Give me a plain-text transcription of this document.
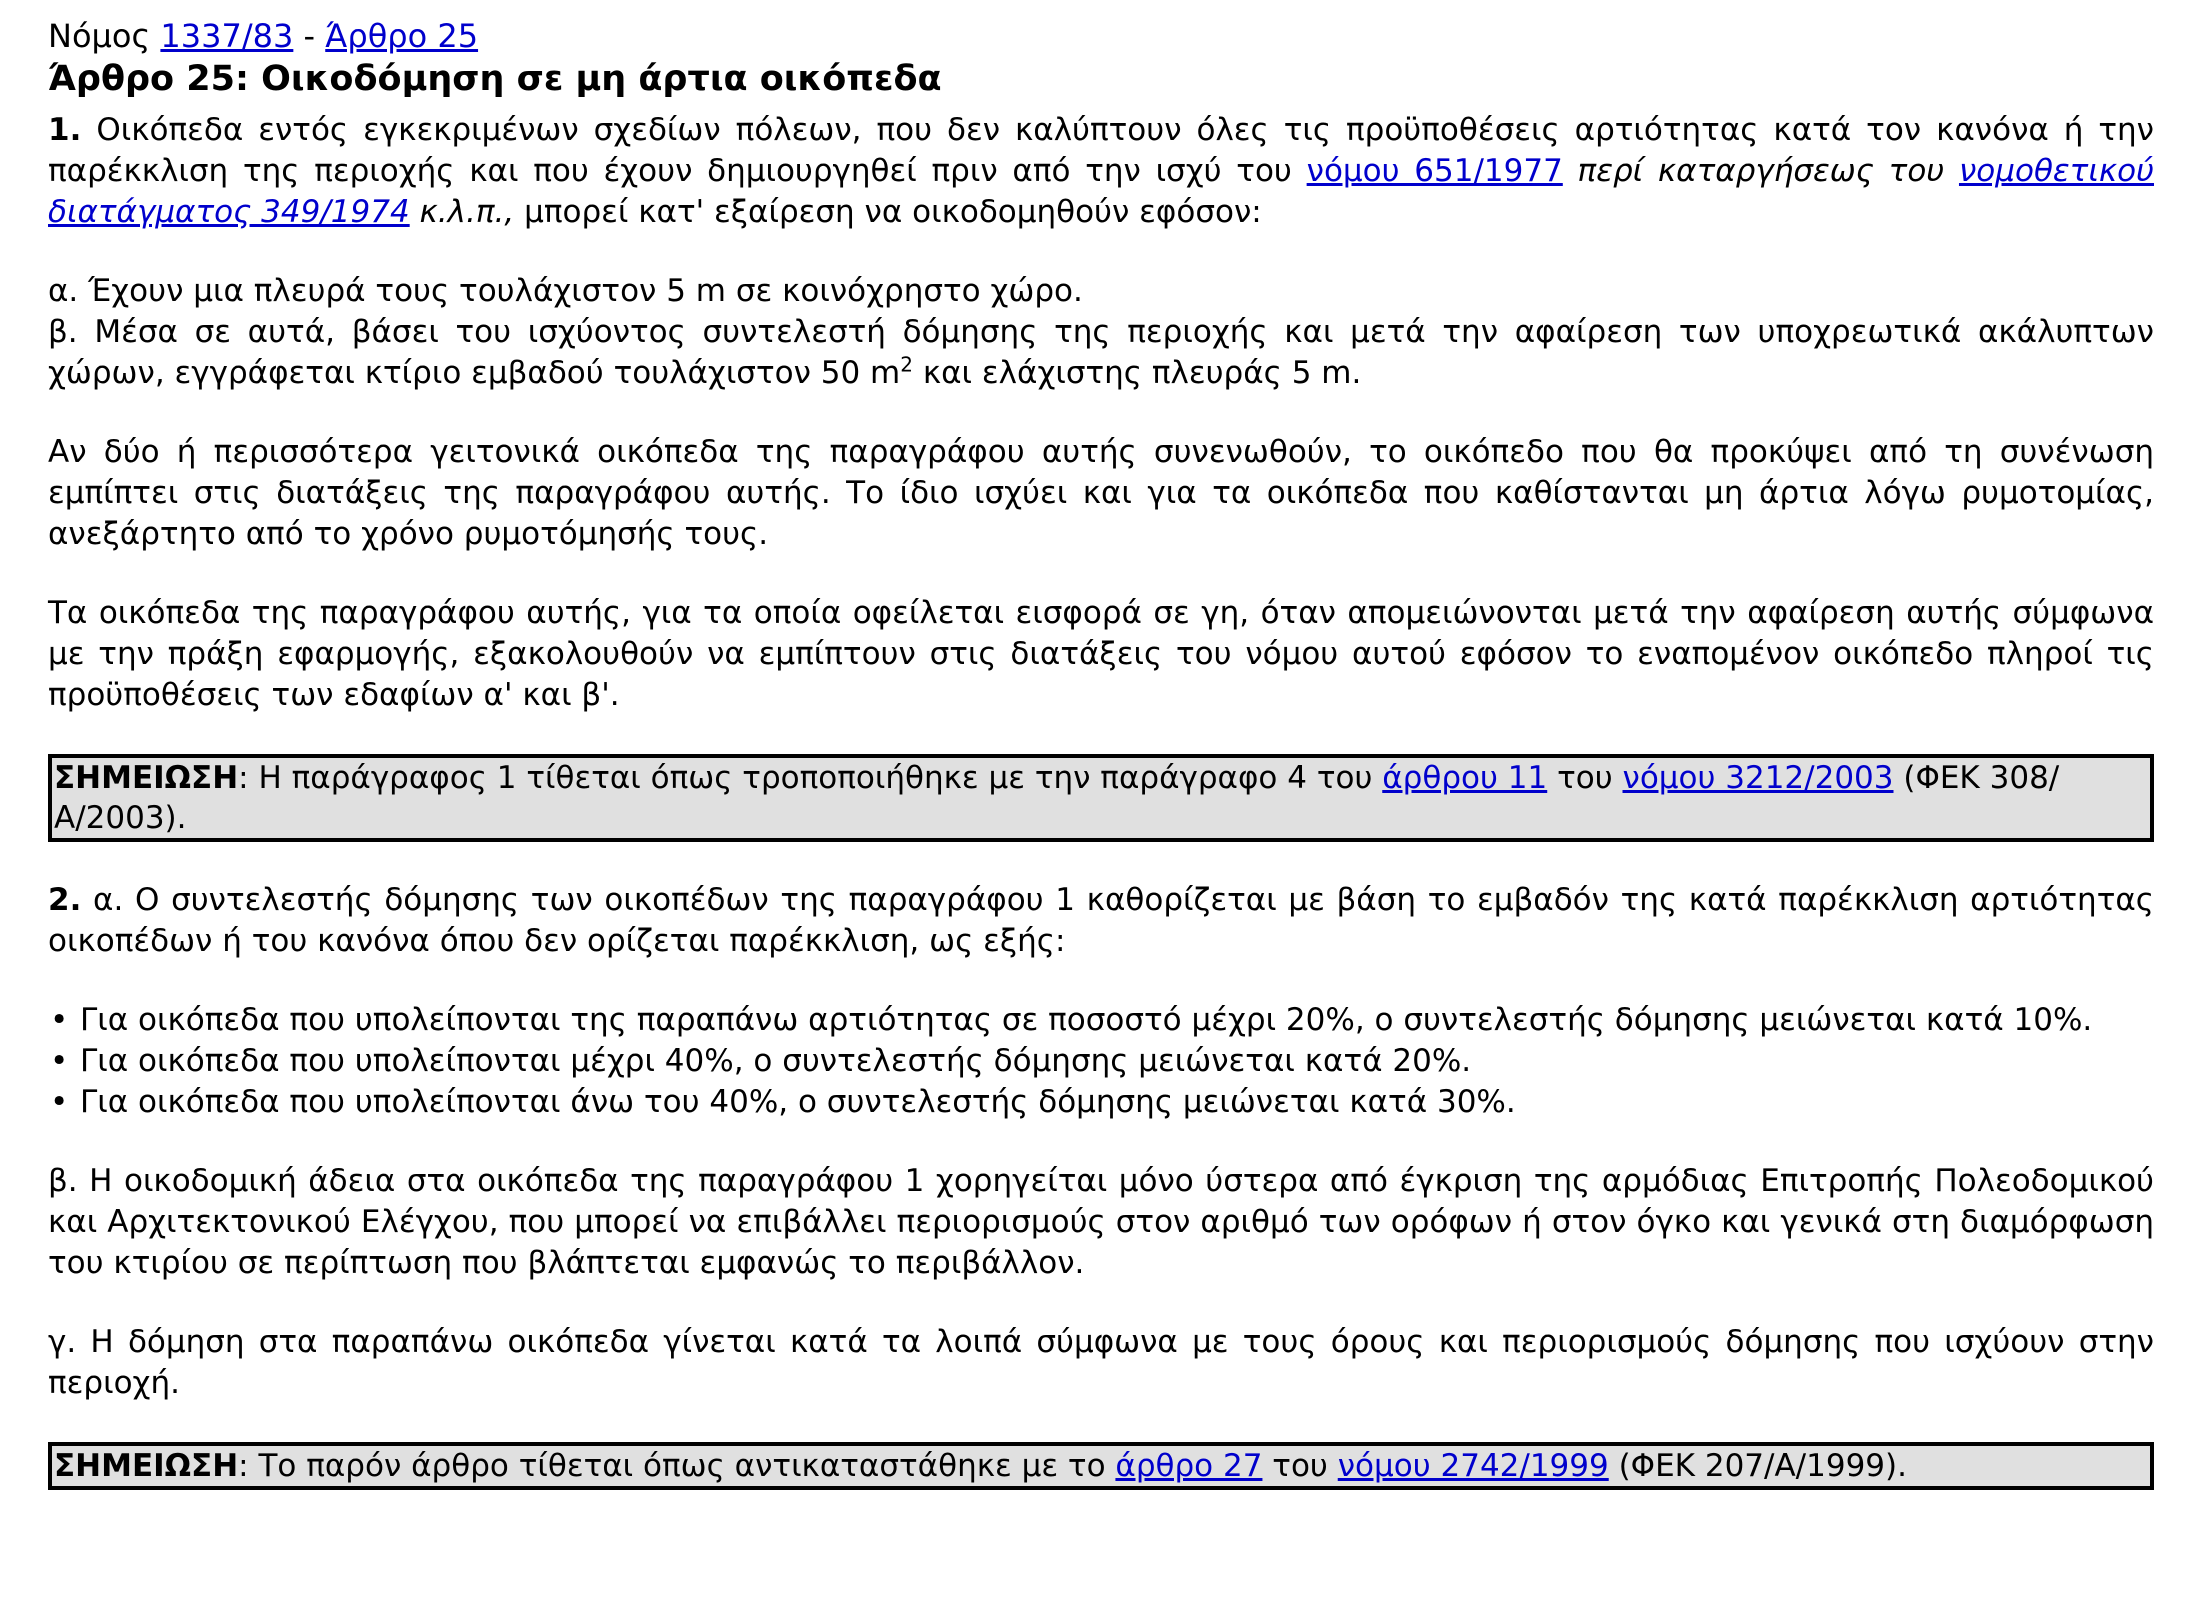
Νόμος 1337/83 - Άρθρο 25
Άρθρο 25: Οικοδόμηση σε μη άρτια οικόπεδα

1. Οικόπεδα εντός εγκεκριμένων σχεδίων πόλεων, που δεν καλύπτουν όλες τις προϋποθέσεις αρτιότητας κατά τον κανόνα ή την παρέκκλιση της περιοχής και που έχουν δημιουργηθεί πριν από την ισχύ του νόμου 651/1977 περί καταργήσεως του νομοθετικού διατάγματος 349/1974 κ.λ.π., μπορεί κατ' εξαίρεση να οικοδομηθούν εφόσον:

α. Έχουν μια πλευρά τους τουλάχιστον 5 m σε κοινόχρηστο χώρο.

β. Μέσα σε αυτά, βάσει του ισχύοντος συντελεστή δόμησης της περιοχής και μετά την αφαίρεση των υποχρεωτικά ακάλυπτων χώρων, εγγράφεται κτίριο εμβαδού τουλάχιστον 50 $m^2$ και ελάχιστης πλευράς 5 m.

Αν δύο ή περισσότερα γειτονικά οικόπεδα της παραγράφου αυτής συνενωθούν, το οικόπεδο που θα προκύψει από τη συνένωση εμπίπτει στις διατάξεις της παραγράφου αυτής. Το ίδιο ισχύει και για τα οικόπεδα που καθίστανται μη άρτια λόγω ρυμοτομίας, ανεξάρτητο από το χρόνο ρυμοτόμησής τους.

Τα οικόπεδα της παραγράφου αυτής, για τα οποία οφείλεται εισφορά σε γη, όταν απομειώνονται μετά την αφαίρεση αυτής σύμφωνα με την πράξη εφαρμογής, εξακολουθούν να εμπίπτουν στις διατάξεις του νόμου αυτού εφόσον το εναπομένον οικόπεδο πληροί τις προϋποθέσεις των εδαφίων α' και β'.

ΣΗΜΕΙΩΣΗ: Η παράγραφος 1 τίθεται όπως τροποποιήθηκε με την παράγραφο 4 του άρθρου 11 του νόμου 3212/2003 (ΦΕΚ 308/Α/2003).

2. α. Ο συντελεστής δόμησης των οικοπέδων της παραγράφου 1 καθορίζεται με βάση το εμβαδόν της κατά παρέκκλιση αρτιότητας οικοπέδων ή του κανόνα όπου δεν ορίζεται παρέκκλιση, ως εξής:

• Για οικόπεδα που υπολείπονται της παραπάνω αρτιότητας σε ποσοστό μέχρι 20%, ο συντελεστής δόμησης μειώνεται κατά 10%.
• Για οικόπεδα που υπολείπονται μέχρι 40%, ο συντελεστής δόμησης μειώνεται κατά 20%.
• Για οικόπεδα που υπολείπονται άνω του 40%, ο συντελεστής δόμησης μειώνεται κατά 30%.

β. Η οικοδομική άδεια στα οικόπεδα της παραγράφου 1 χορηγείται μόνο ύστερα από έγκριση της αρμόδιας Επιτροπής Πολεοδομικού και Αρχιτεκτονικού Ελέγχου, που μπορεί να επιβάλλει περιορισμούς στον αριθμό των ορόφων ή στον όγκο και γενικά στη διαμόρφωση του κτιρίου σε περίπτωση που βλάπτεται εμφανώς το περιβάλλον.

γ. Η δόμηση στα παραπάνω οικόπεδα γίνεται κατά τα λοιπά σύμφωνα με τους όρους και περιορισμούς δόμησης που ισχύουν στην περιοχή.

ΣΗΜΕΙΩΣΗ: Το παρόν άρθρο τίθεται όπως αντικαταστάθηκε με το άρθρο 27 του νόμου 2742/1999 (ΦΕΚ 207/Α/1999).
